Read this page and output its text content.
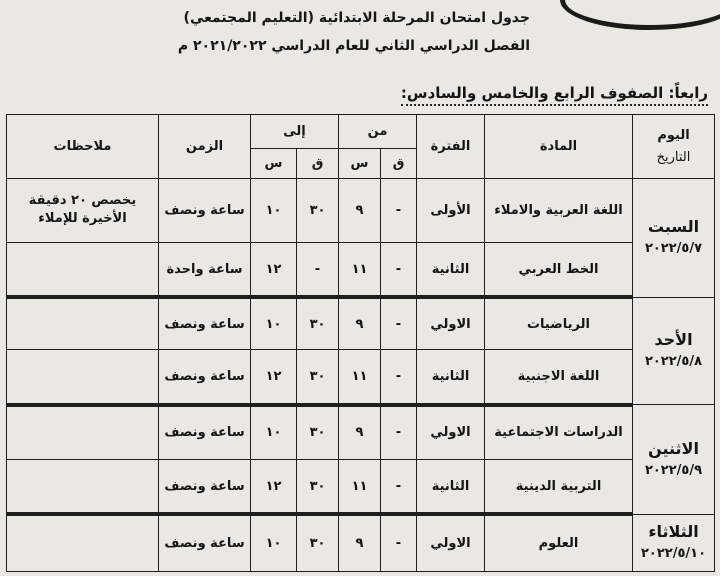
جدول امتحان المرحلة الابتدائية (التعليم المجتمعي)
الفصل الدراسي الثاني للعام الدراسي ٢٠٢١/٢٠٢٢ م
رابعاً: الصفوف الرابع والخامس والسادس:
اليوم
التاريخ	المادة	الفترة	من		إلى		الزمن	ملاحظات
			ق	س	ق	س		

السبت
٢٠٢٢/٥/٧	اللغة العربية والاملاء	الأولى	-	٩	٣٠	١٠	ساعة ونصف	يخصص ٢٠ دقيقة الأخيرة للإملاء
	الخط العربي	الثانية	-	١١	-	١٢	ساعة واحدة	

الأحد
٢٠٢٢/٥/٨	الرياضيات	الاولي	-	٩	٣٠	١٠	ساعة ونصف	
	اللغة الاجنبية	الثانية	-	١١	٣٠	١٢	ساعة ونصف	

الاثنين
٢٠٢٢/٥/٩	الدراسات الاجتماعية	الاولي	-	٩	٣٠	١٠	ساعة ونصف	
	التربية الدينية	الثانية	-	١١	٣٠	١٢	ساعة ونصف	

الثلاثاء
٢٠٢٢/٥/١٠	العلوم	الاولي	-	٩	٣٠	١٠	ساعة ونصف	
